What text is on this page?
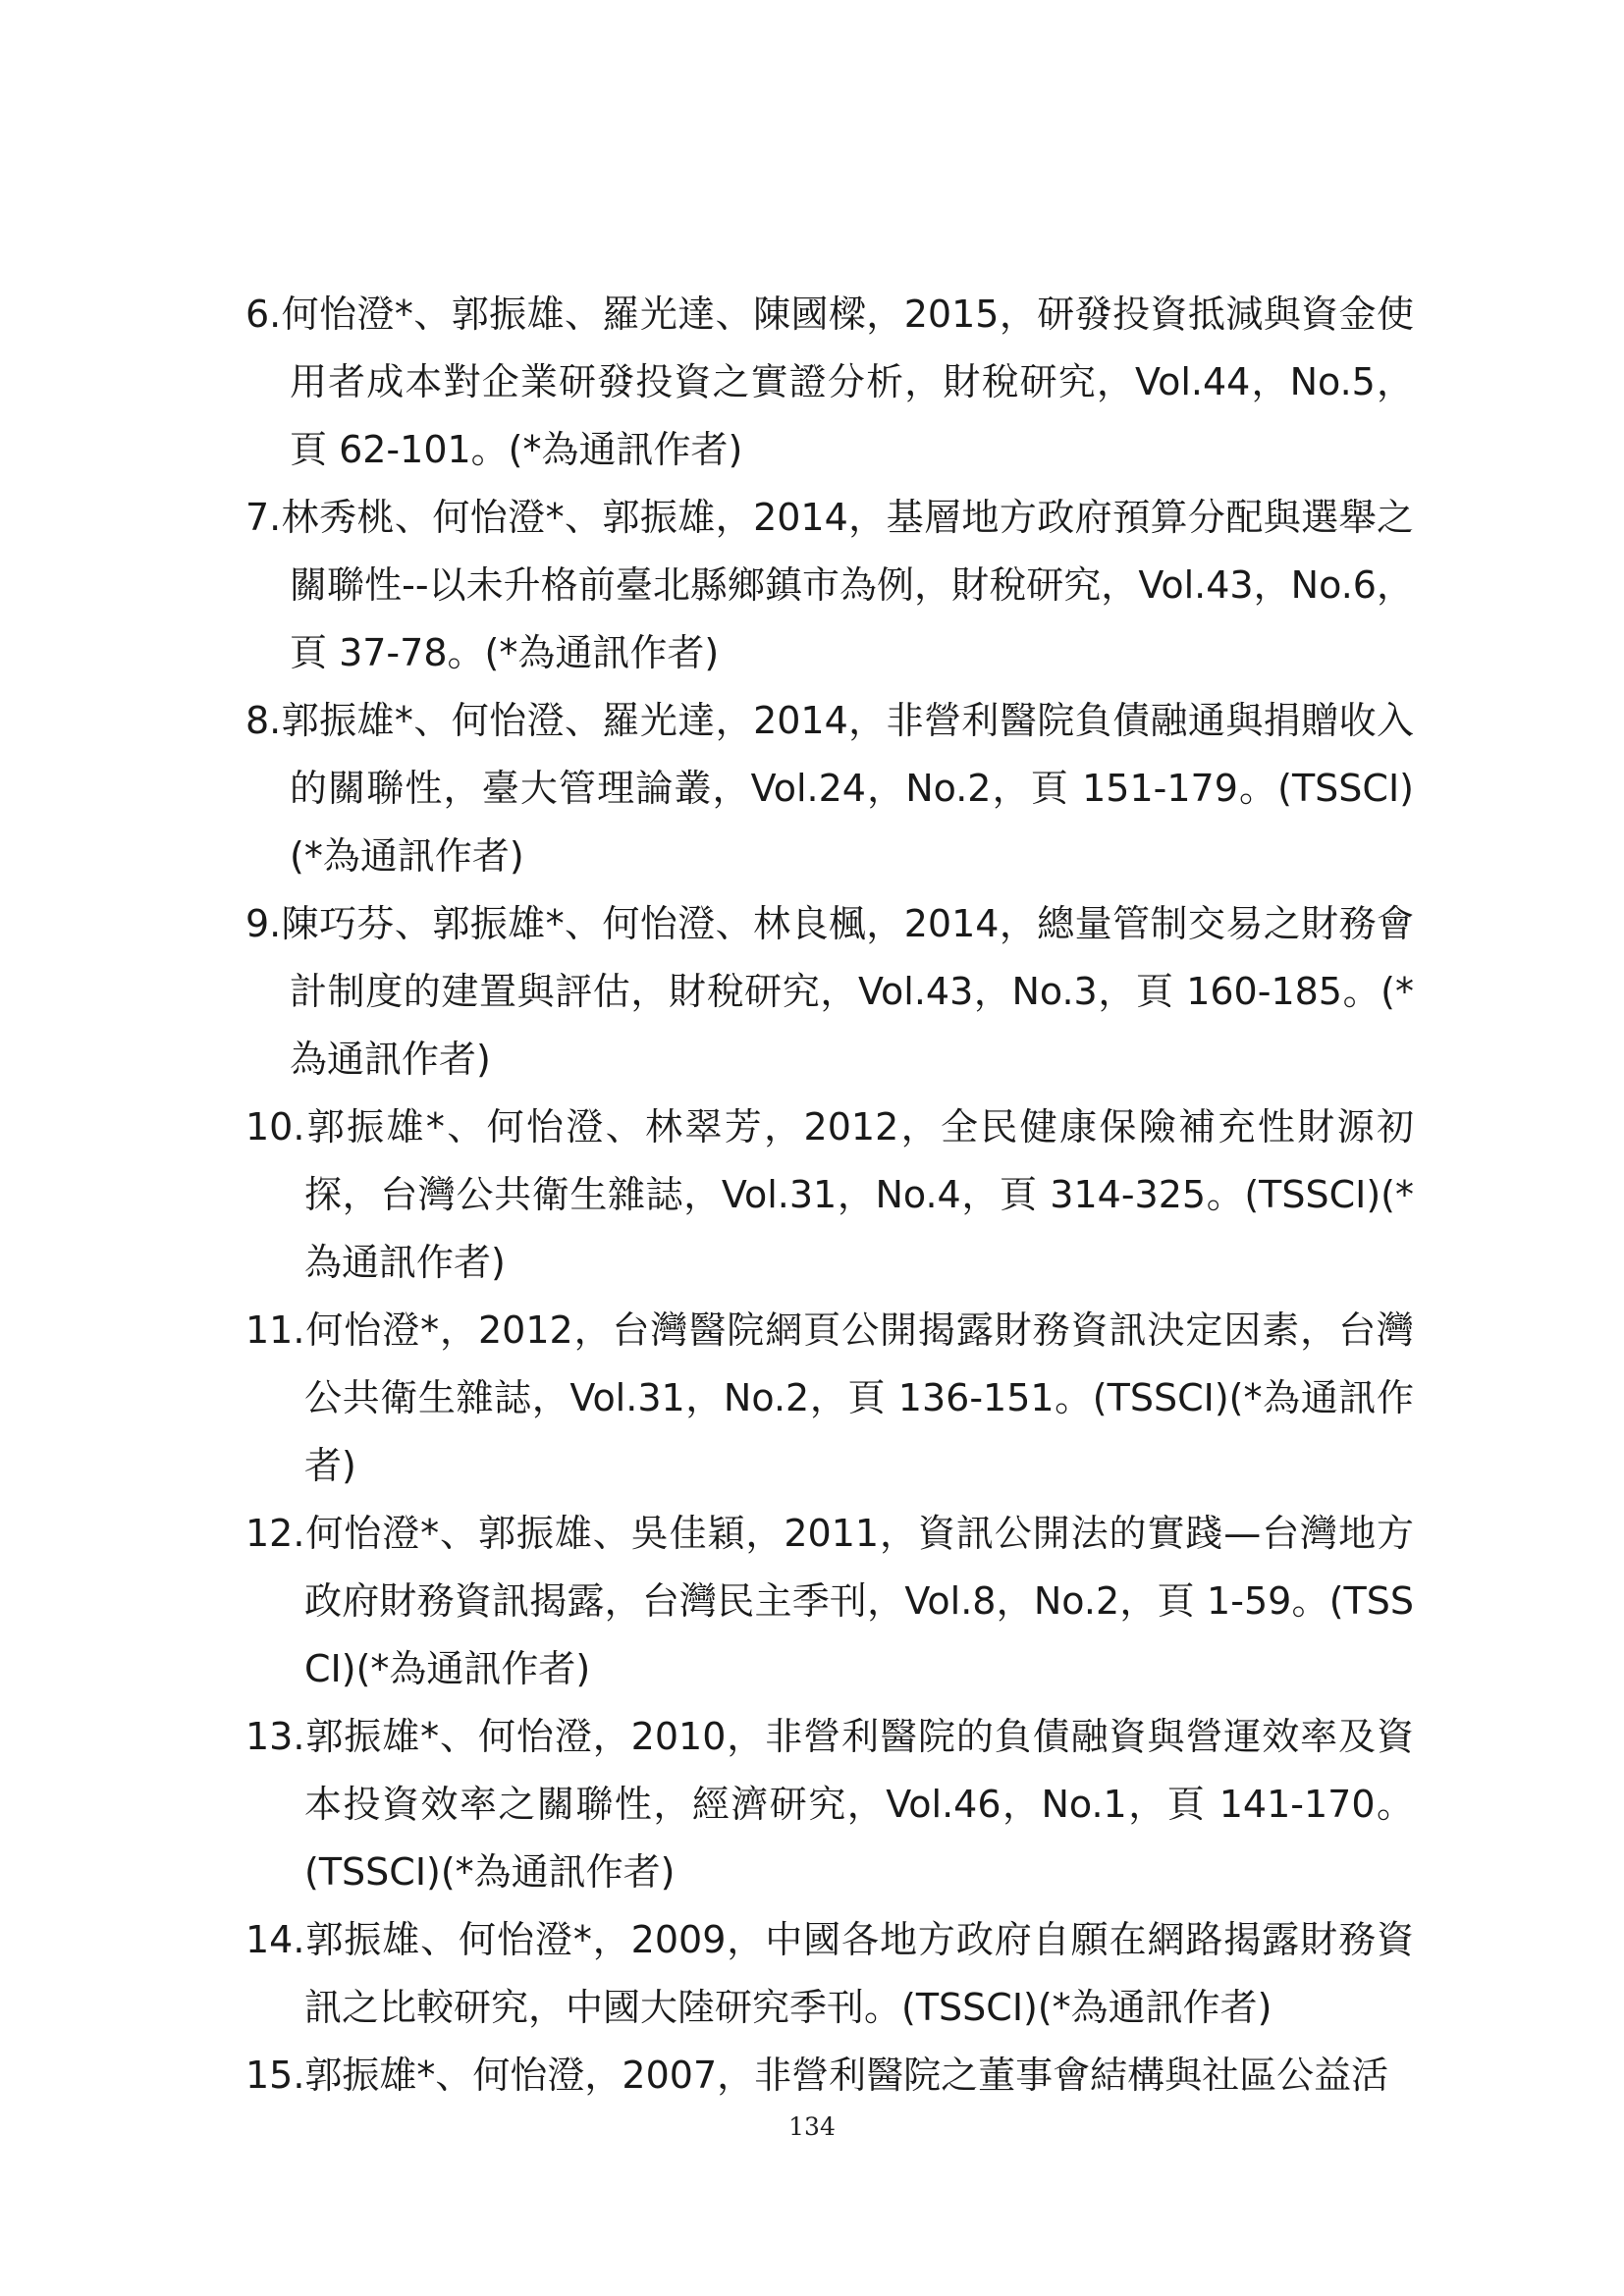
6.何怡澄*、郭振雄、羅光達、陳國樑，2015，研發投資抵減與資金使用者成本對企業研發投資之實證分析，財稅研究，Vol.44，No.5，頁 62-101。(*為通訊作者)
7.林秀桃、何怡澄*、郭振雄，2014，基層地方政府預算分配與選舉之關聯性--以未升格前臺北縣鄉鎮市為例，財稅研究，Vol.43，No.6，頁 37-78。(*為通訊作者)
8.郭振雄*、何怡澄、羅光達，2014，非營利醫院負債融通與捐贈收入的關聯性，臺大管理論叢，Vol.24，No.2，頁 151-179。(TSSCI)(*為通訊作者)
9.陳巧芬、郭振雄*、何怡澄、林良楓，2014，總量管制交易之財務會計制度的建置與評估，財稅研究，Vol.43，No.3，頁 160-185。(*為通訊作者)
10.郭振雄*、何怡澄、林翠芳，2012，全民健康保險補充性財源初探，台灣公共衛生雜誌，Vol.31，No.4，頁 314-325。(TSSCI)(*為通訊作者)
11.何怡澄*，2012，台灣醫院網頁公開揭露財務資訊決定因素，台灣公共衛生雜誌，Vol.31，No.2，頁 136-151。(TSSCI)(*為通訊作者)
12.何怡澄*、郭振雄、吳佳穎，2011，資訊公開法的實踐—台灣地方政府財務資訊揭露，台灣民主季刊，Vol.8，No.2，頁 1-59。(TSSCI)(*為通訊作者)
13.郭振雄*、何怡澄，2010，非營利醫院的負債融資與營運效率及資本投資效率之關聯性，經濟研究，Vol.46，No.1，頁 141-170。(TSSCI)(*為通訊作者)
14.郭振雄、何怡澄*，2009，中國各地方政府自願在網路揭露財務資訊之比較研究，中國大陸研究季刊。(TSSCI)(*為通訊作者)
15.郭振雄*、何怡澄，2007，非營利醫院之董事會結構與社區公益活
134
